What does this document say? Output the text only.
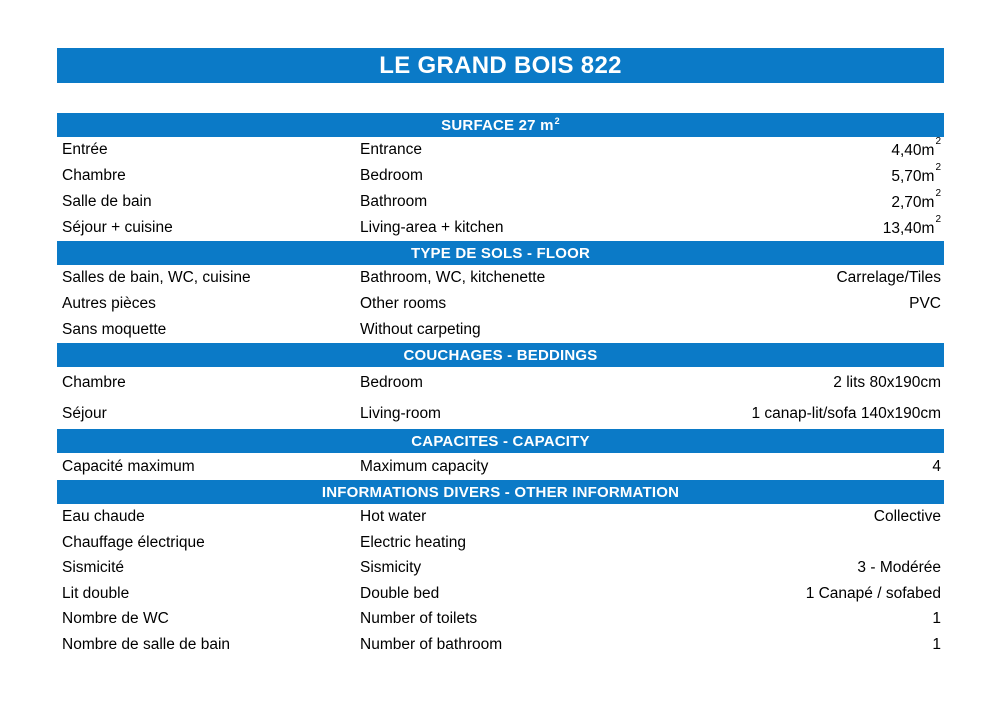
LE GRAND BOIS 822
SURFACE 27 $m^2$
Entrée	Entrance	$4,40m^2$
Chambre	Bedroom	$5,70m^2$
Salle de bain	Bathroom	$2,70m^2$
Séjour + cuisine	Living-area + kitchen	$13,40m^2$
TYPE DE SOLS - FLOOR
Salles de bain, WC, cuisine	Bathroom, WC, kitchenette	Carrelage/Tiles
Autres pièces	Other rooms	PVC
Sans moquette	Without carpeting
COUCHAGES - BEDDINGS
Chambre	Bedroom	2 lits 80x190cm
Séjour	Living-room	1 canap-lit/sofa 140x190cm
CAPACITES - CAPACITY
Capacité maximum	Maximum capacity	4
INFORMATIONS DIVERS - OTHER INFORMATION
Eau chaude	Hot water	Collective
Chauffage électrique	Electric heating
Sismicité	Sismicity	3 - Modérée
Lit double	Double bed	1 Canapé / sofabed
Nombre de WC	Number of toilets	1
Nombre de salle de bain	Number of bathroom	1
